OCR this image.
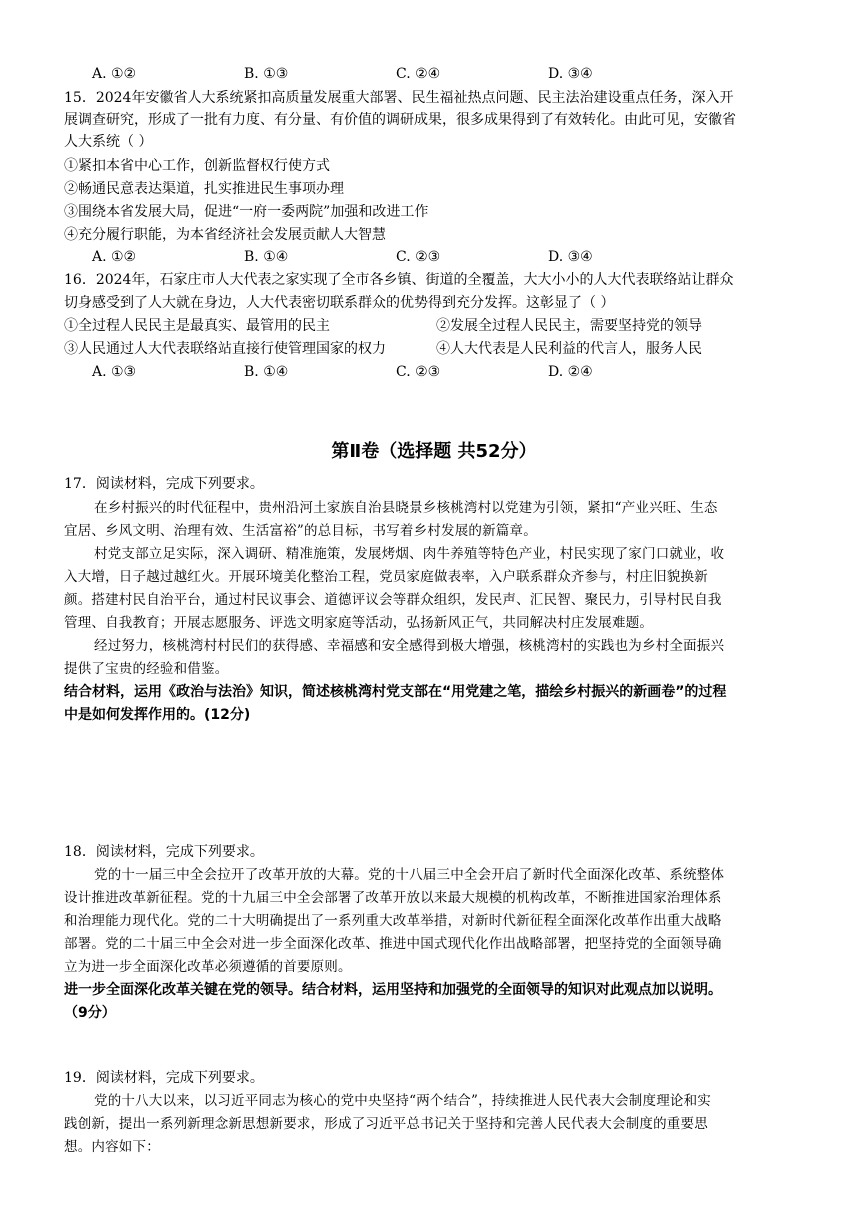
A. ①②	B. ①③	C. ②④	D. ③④
15．2024年安徽省人大系统紧扣高质量发展重大部署、民生福祉热点问题、民主法治建设重点任务，深入开
展调查研究，形成了一批有力度、有分量、有价值的调研成果，很多成果得到了有效转化。由此可见，安徽省
人大系统（ ）
①紧扣本省中心工作，创新监督权行使方式
②畅通民意表达渠道，扎实推进民生事项办理
③围绕本省发展大局，促进“一府一委两院”加强和改进工作
④充分履行职能，为本省经济社会发展贡献人大智慧
A. ①②	B. ①④	C. ②③	D. ③④
16．2024年，石家庄市人大代表之家实现了全市各乡镇、街道的全覆盖，大大小小的人大代表联络站让群众
切身感受到了人大就在身边，人大代表密切联系群众的优势得到充分发挥。这彰显了（ ）
①全过程人民民主是最真实、最管用的民主	②发展全过程人民民主，需要坚持党的领导
③人民通过人大代表联络站直接行使管理国家的权力	④人大代表是人民利益的代言人，服务人民
A. ①③	B. ①④	C. ②③	D. ②④
第Ⅱ卷（选择题 共52分）
17．阅读材料，完成下列要求。
在乡村振兴的时代征程中，贵州沿河土家族自治县晓景乡核桃湾村以党建为引领，紧扣“产业兴旺、生态
宜居、乡风文明、治理有效、生活富裕”的总目标，书写着乡村发展的新篇章。
村党支部立足实际，深入调研、精准施策，发展烤烟、肉牛养殖等特色产业，村民实现了家门口就业，收
入大增，日子越过越红火。开展环境美化整治工程，党员家庭做表率，入户联系群众齐参与，村庄旧貌换新
颜。搭建村民自治平台，通过村民议事会、道德评议会等群众组织，发民声、汇民智、聚民力，引导村民自我
管理、自我教育；开展志愿服务、评选文明家庭等活动，弘扬新风正气，共同解决村庄发展难题。
经过努力，核桃湾村村民们的获得感、幸福感和安全感得到极大增强，核桃湾村的实践也为乡村全面振兴
提供了宝贵的经验和借鉴。
结合材料，运用《政治与法治》知识，简述核桃湾村党支部在“用党建之笔，描绘乡村振兴的新画卷”的过程
中是如何发挥作用的。(12分)
18．阅读材料，完成下列要求。
党的十一届三中全会拉开了改革开放的大幕。党的十八届三中全会开启了新时代全面深化改革、系统整体
设计推进改革新征程。党的十九届三中全会部署了改革开放以来最大规模的机构改革，不断推进国家治理体系
和治理能力现代化。党的二十大明确提出了一系列重大改革举措，对新时代新征程全面深化改革作出重大战略
部署。党的二十届三中全会对进一步全面深化改革、推进中国式现代化作出战略部署，把坚持党的全面领导确
立为进一步全面深化改革必须遵循的首要原则。
进一步全面深化改革关键在党的领导。结合材料，运用坚持和加强党的全面领导的知识对此观点加以说明。
（9分）
19．阅读材料，完成下列要求。
党的十八大以来，以习近平同志为核心的党中央坚持“两个结合”，持续推进人民代表大会制度理论和实
践创新，提出一系列新理念新思想新要求，形成了习近平总书记关于坚持和完善人民代表大会制度的重要思
想。内容如下：
